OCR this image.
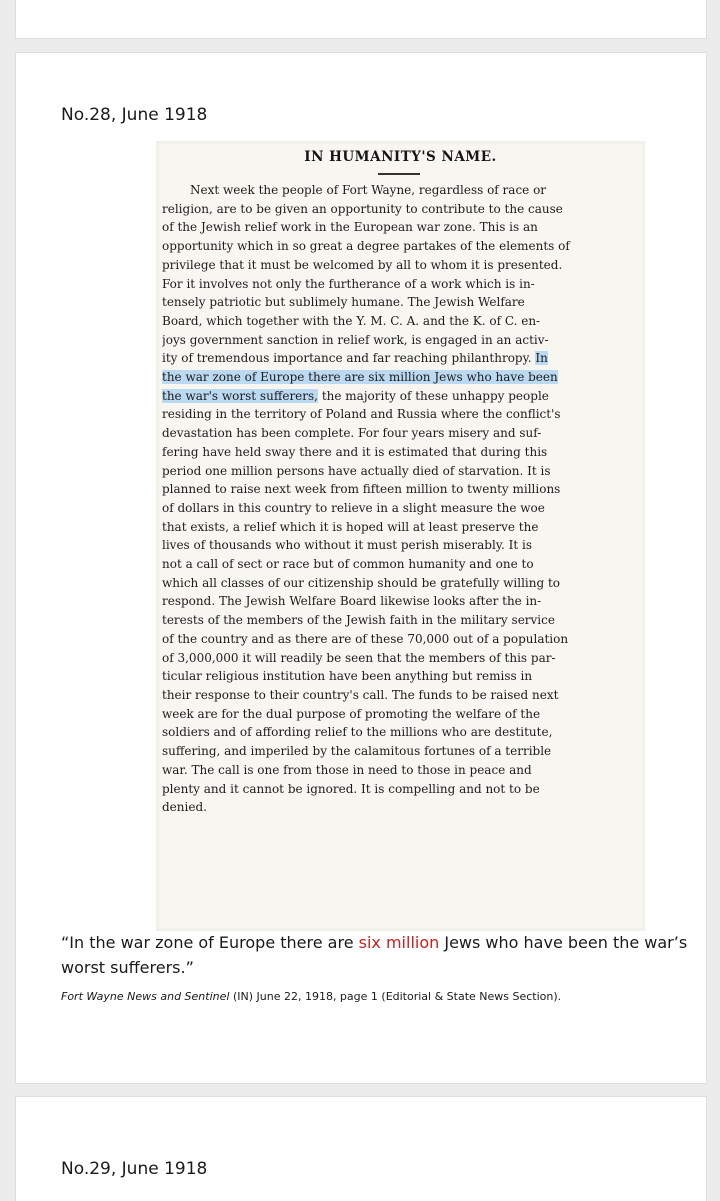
No.28, June 1918
IN HUMANITY'S NAME.
Next week the people of Fort Wayne, regardless of race or
religion, are to be given an opportunity to contribute to the cause
of the Jewish relief work in the European war zone. This is an
opportunity which in so great a degree partakes of the elements of
privilege that it must be welcomed by all to whom it is presented.
For it involves not only the furtherance of a work which is in-
tensely patriotic but sublimely humane. The Jewish Welfare
Board, which together with the Y. M. C. A. and the K. of C. en-
joys government sanction in relief work, is engaged in an activ-
ity of tremendous importance and far reaching philanthropy. In
the war zone of Europe there are six million Jews who have been
the war's worst sufferers, the majority of these unhappy people
residing in the territory of Poland and Russia where the conflict's
devastation has been complete. For four years misery and suf-
fering have held sway there and it is estimated that during this
period one million persons have actually died of starvation. It is
planned to raise next week from fifteen million to twenty millions
of dollars in this country to relieve in a slight measure the woe
that exists, a relief which it is hoped will at least preserve the
lives of thousands who without it must perish miserably. It is
not a call of sect or race but of common humanity and one to
which all classes of our citizenship should be gratefully willing to
respond. The Jewish Welfare Board likewise looks after the in-
terests of the members of the Jewish faith in the military service
of the country and as there are of these 70,000 out of a population
of 3,000,000 it will readily be seen that the members of this par-
ticular religious institution have been anything but remiss in
their response to their country's call. The funds to be raised next
week are for the dual purpose of promoting the welfare of the
soldiers and of affording relief to the millions who are destitute,
suffering, and imperiled by the calamitous fortunes of a terrible
war. The call is one from those in need to those in peace and
plenty and it cannot be ignored. It is compelling and not to be
denied.

“In the war zone of Europe there are six million Jews who have been the war’s worst sufferers.”

Fort Wayne News and Sentinel (IN) June 22, 1918, page 1 (Editorial & State News Section).

No.29, June 1918
